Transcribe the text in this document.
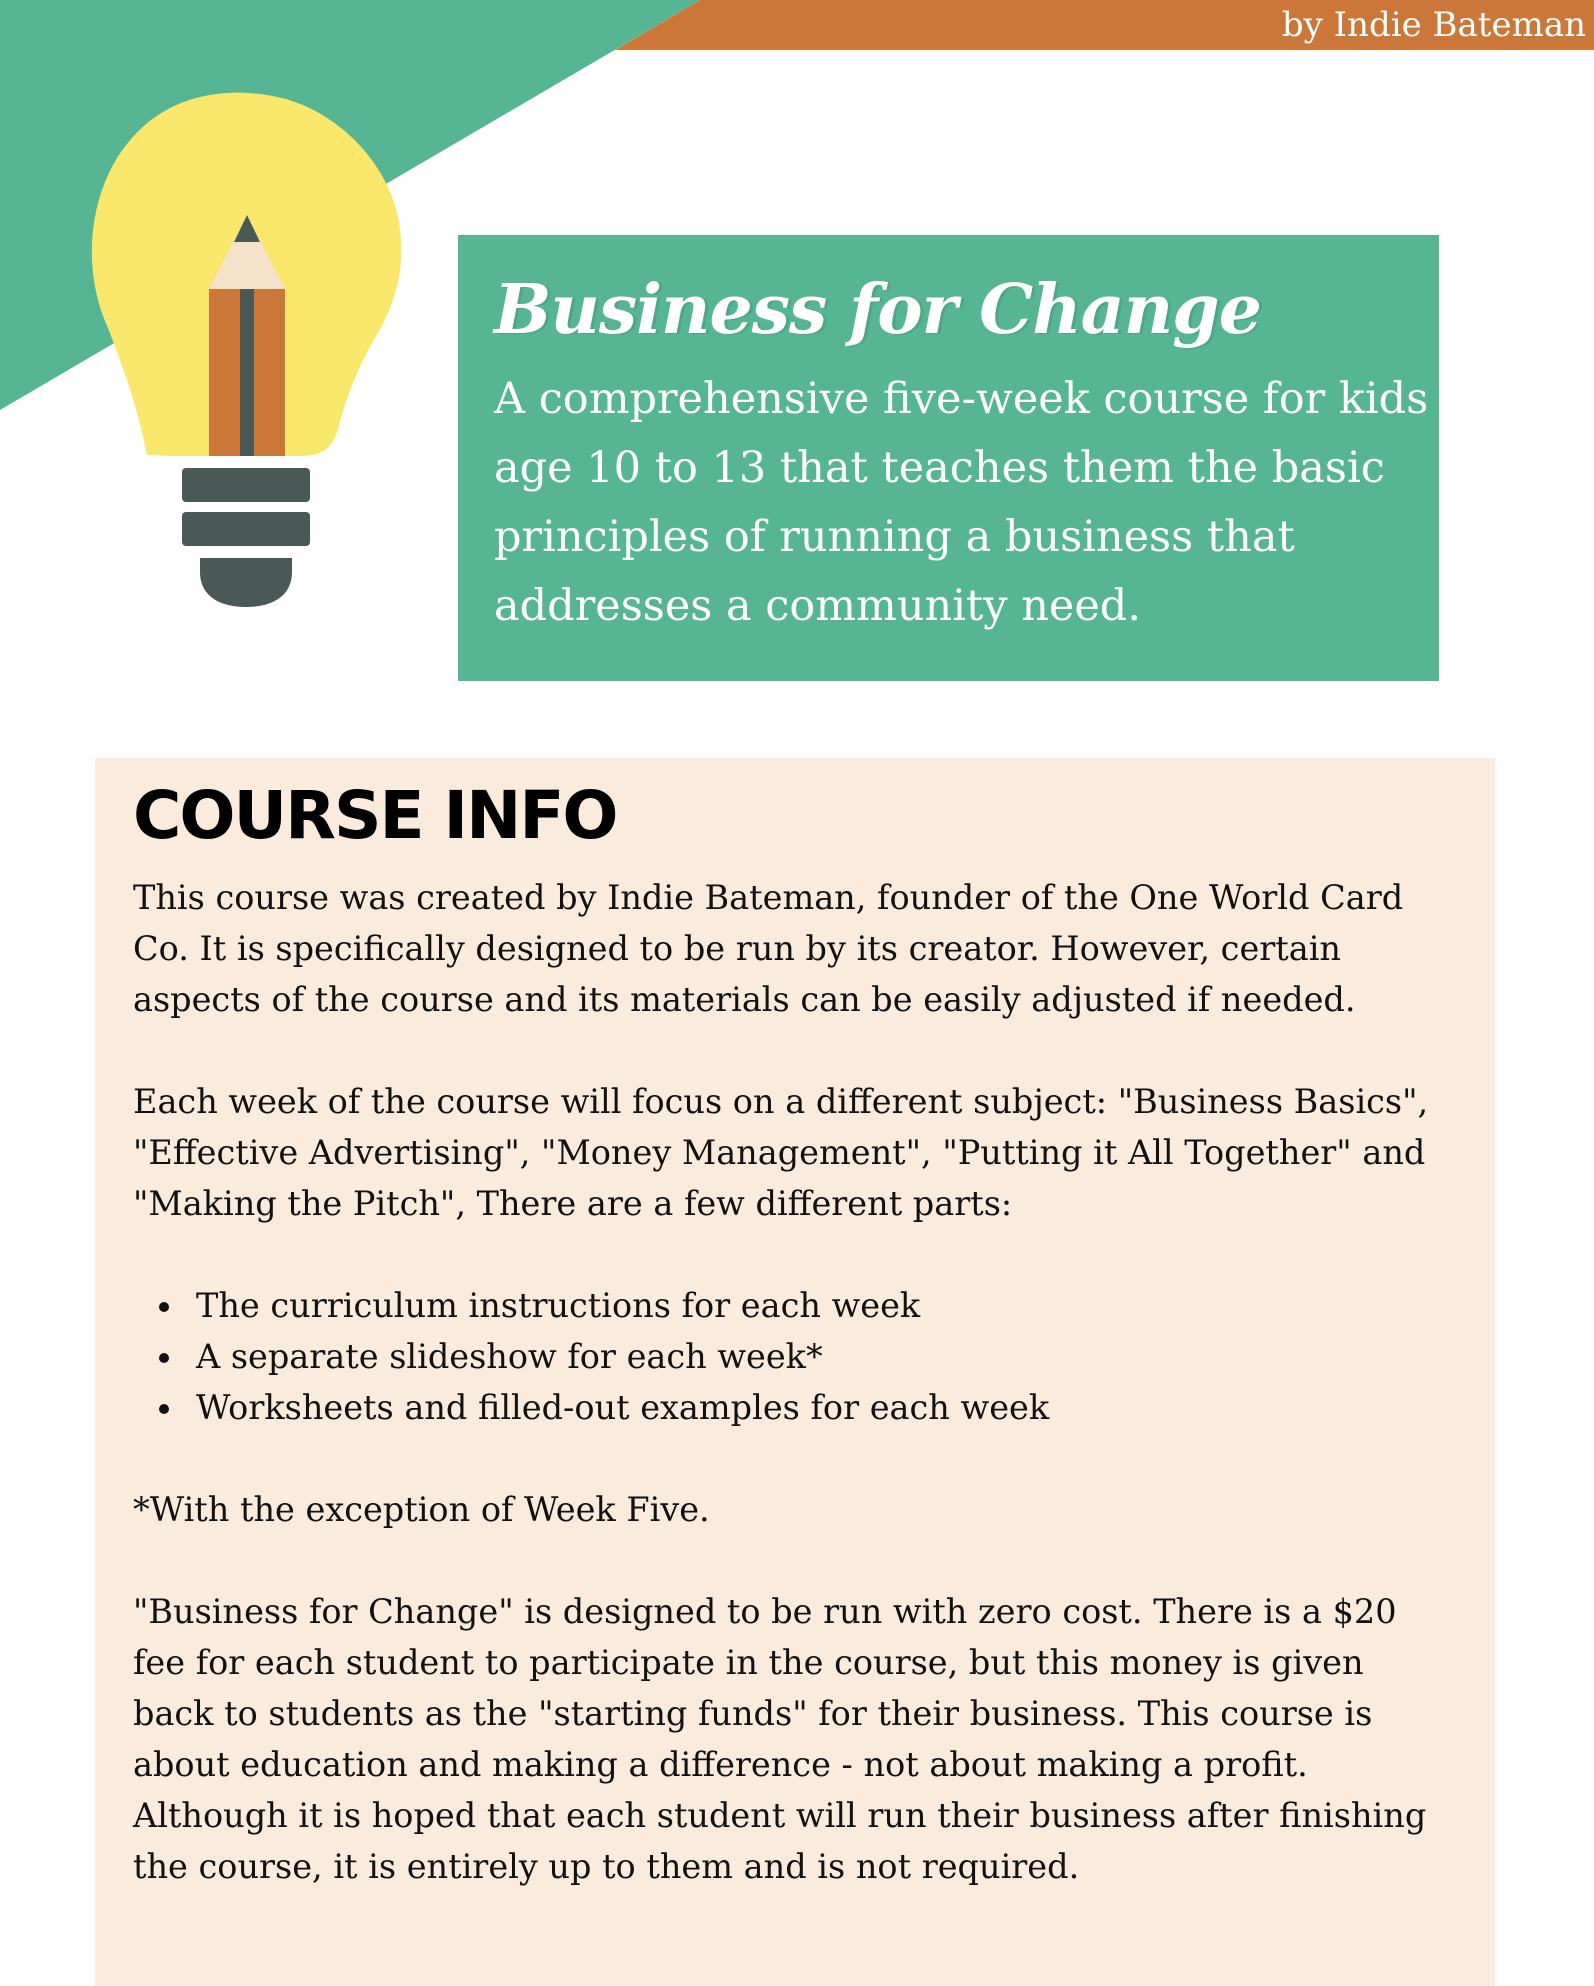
by Indie Bateman
Business for Change

A comprehensive five-week course for kids age 10 to 13 that teaches them the basic principles of running a business that addresses a community need.

COURSE INFO

This course was created by Indie Bateman, founder of the One World Card Co. It is specifically designed to be run by its creator. However, certain aspects of the course and its materials can be easily adjusted if needed.

Each week of the course will focus on a different subject: "Business Basics", "Effective Advertising", "Money Management", "Putting it All Together" and "Making the Pitch", There are a few different parts:

The curriculum instructions for each week
A separate slideshow for each week*
Worksheets and filled-out examples for each week

*With the exception of Week Five.

"Business for Change" is designed to be run with zero cost. There is a $20 fee for each student to participate in the course, but this money is given back to students as the "starting funds" for their business. This course is about education and making a difference - not about making a profit. Although it is hoped that each student will run their business after finishing the course, it is entirely up to them and is not required.
